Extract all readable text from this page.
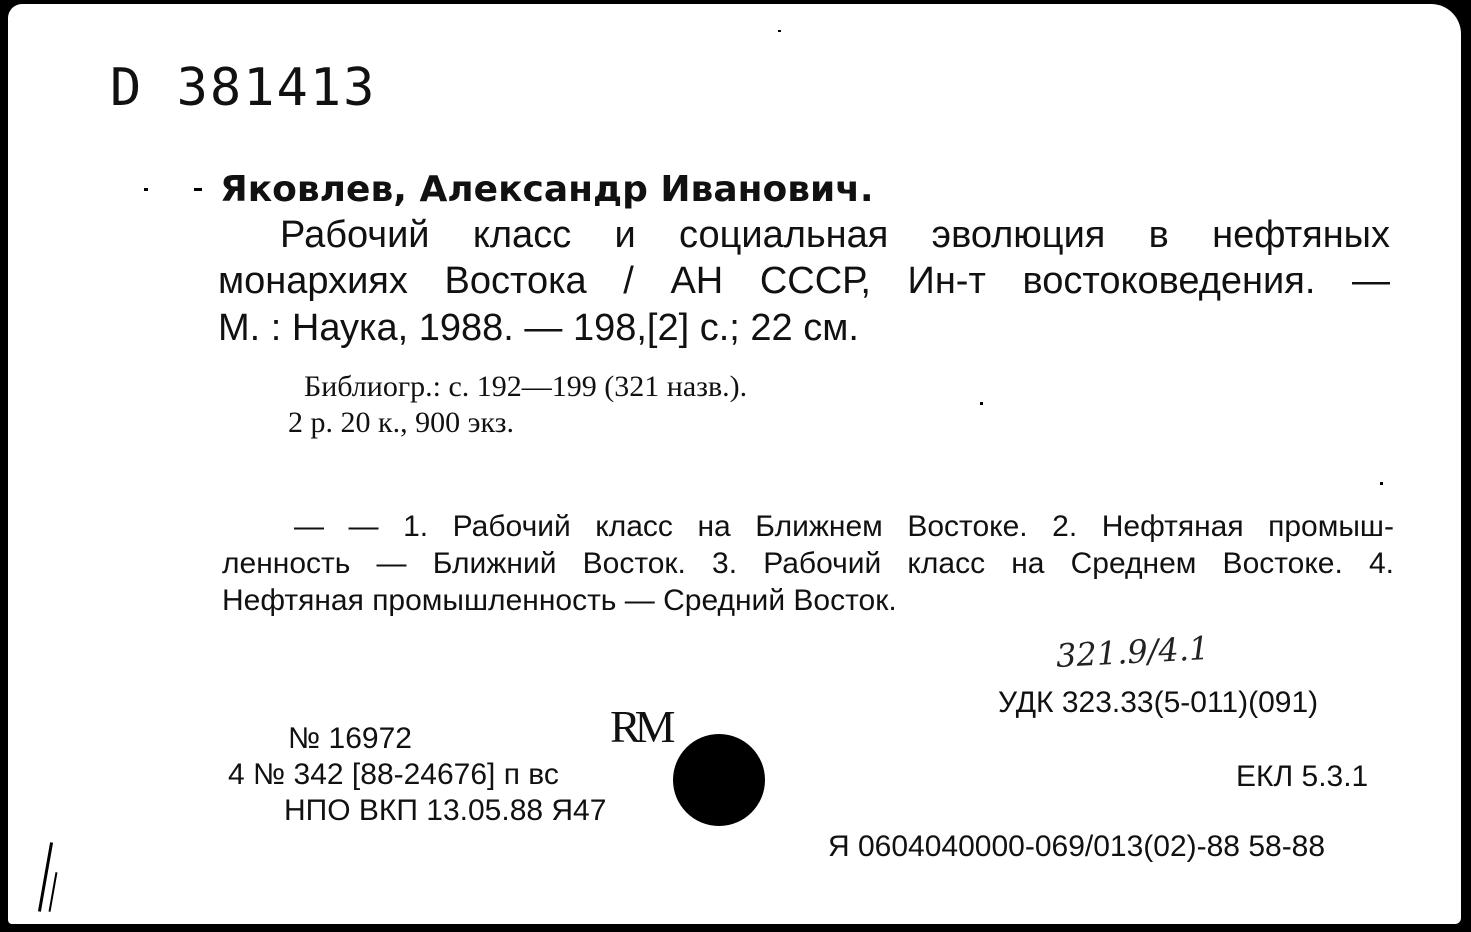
D 381413
Яковлев, Александр Иванович.
Рабочий класс и социальная эволюция в нефтяных
монархиях Востока / АН СССР, Ин-т востоковедения. —
М. : Наука, 1988. — 198,[2] с.; 22 см.
Библиогр.: с. 192—199 (321 назв.).
2 р. 20 к., 900 экз.
— — 1. Рабочий класс на Ближнем Востоке. 2. Нефтяная промыш-
ленность — Ближний Восток. 3. Рабочий класс на Среднем Востоке. 4.
Нефтяная промышленность — Средний Восток.
321.9/4.1
УДК 323.33(5-011)(091)
ЕКЛ 5.3.1
Я 0604040000-069/013(02)-88 58-88
№ 16972
4 № 342 [88-24676] п вс
НПО ВКП 13.05.88 Я47
RM
